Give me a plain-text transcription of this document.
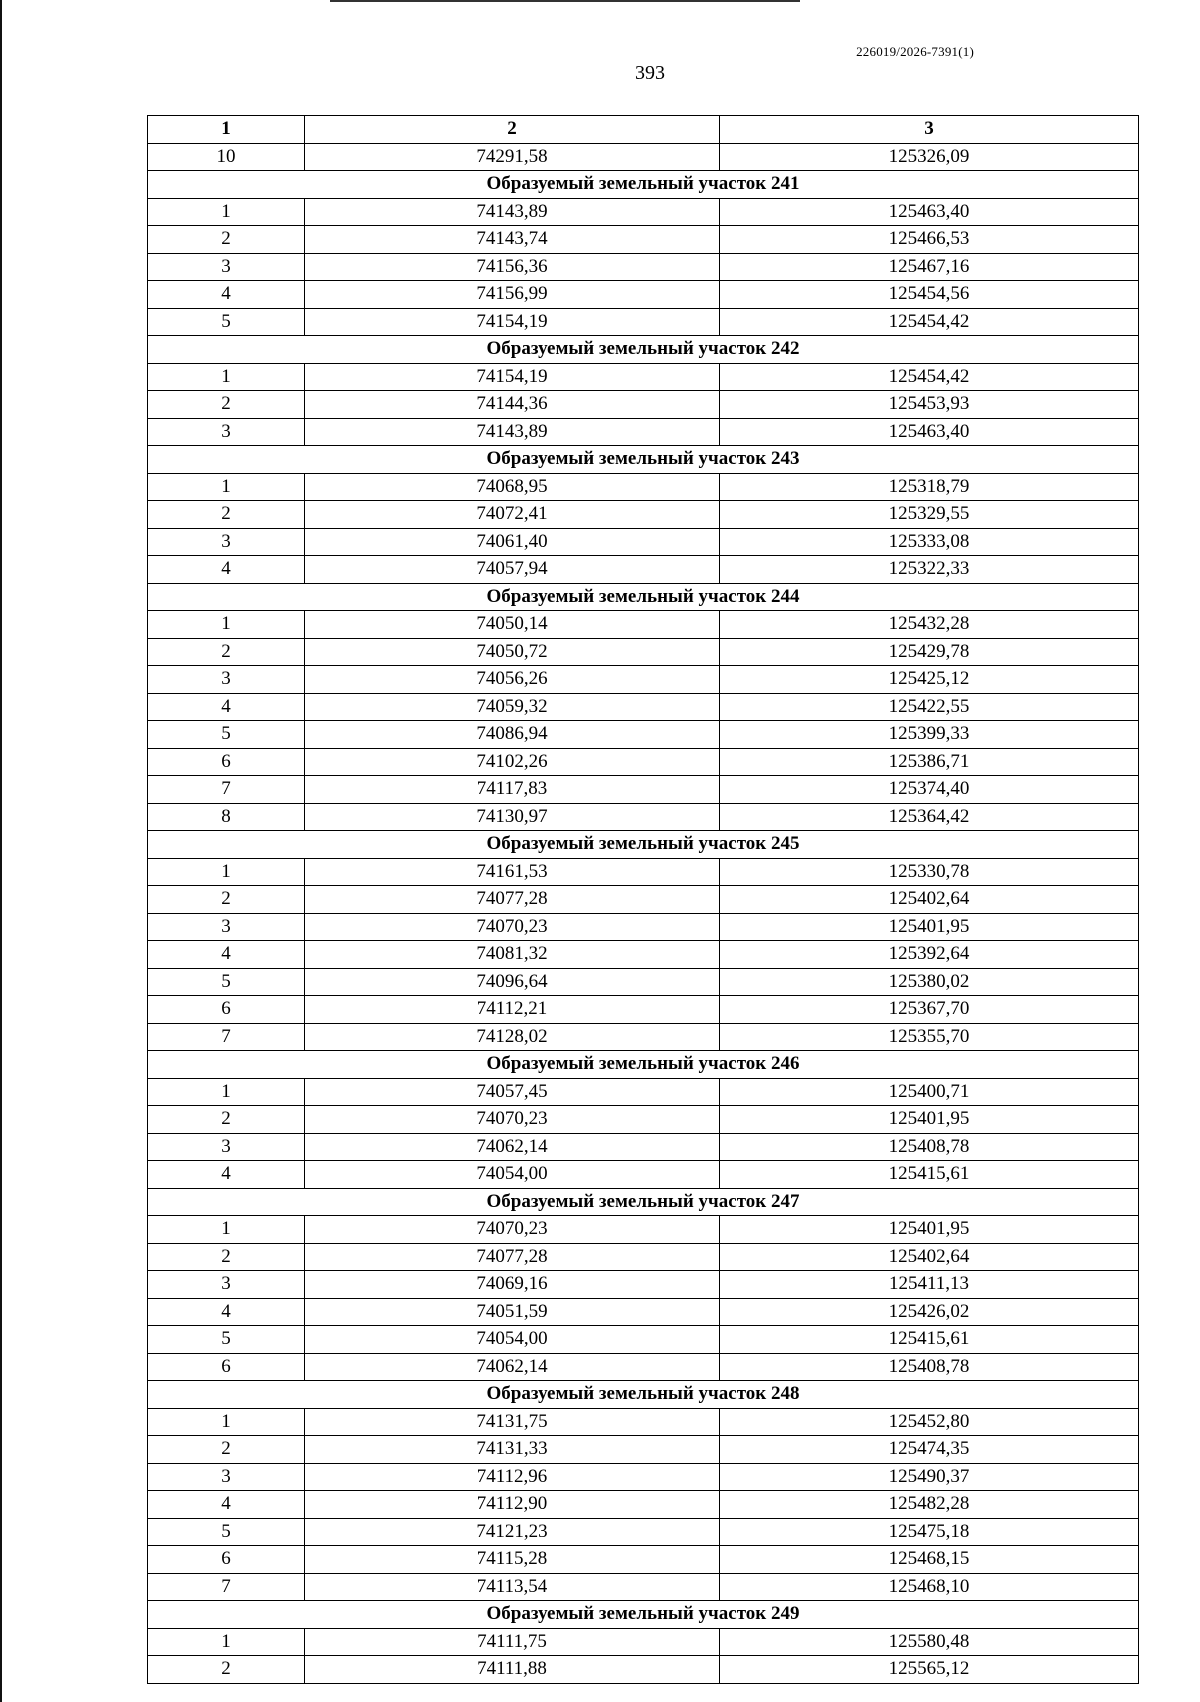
226019/2026-7391(1)
393
1	2	3
10	74291,58	125326,09
Образуемый земельный участок 241		
1	74143,89	125463,40
2	74143,74	125466,53
3	74156,36	125467,16
4	74156,99	125454,56
5	74154,19	125454,42
Образуемый земельный участок 242		
1	74154,19	125454,42
2	74144,36	125453,93
3	74143,89	125463,40
Образуемый земельный участок 243		
1	74068,95	125318,79
2	74072,41	125329,55
3	74061,40	125333,08
4	74057,94	125322,33
Образуемый земельный участок 244		
1	74050,14	125432,28
2	74050,72	125429,78
3	74056,26	125425,12
4	74059,32	125422,55
5	74086,94	125399,33
6	74102,26	125386,71
7	74117,83	125374,40
8	74130,97	125364,42
Образуемый земельный участок 245		
1	74161,53	125330,78
2	74077,28	125402,64
3	74070,23	125401,95
4	74081,32	125392,64
5	74096,64	125380,02
6	74112,21	125367,70
7	74128,02	125355,70
Образуемый земельный участок 246		
1	74057,45	125400,71
2	74070,23	125401,95
3	74062,14	125408,78
4	74054,00	125415,61
Образуемый земельный участок 247		
1	74070,23	125401,95
2	74077,28	125402,64
3	74069,16	125411,13
4	74051,59	125426,02
5	74054,00	125415,61
6	74062,14	125408,78
Образуемый земельный участок 248		
1	74131,75	125452,80
2	74131,33	125474,35
3	74112,96	125490,37
4	74112,90	125482,28
5	74121,23	125475,18
6	74115,28	125468,15
7	74113,54	125468,10
Образуемый земельный участок 249		
1	74111,75	125580,48
2	74111,88	125565,12
